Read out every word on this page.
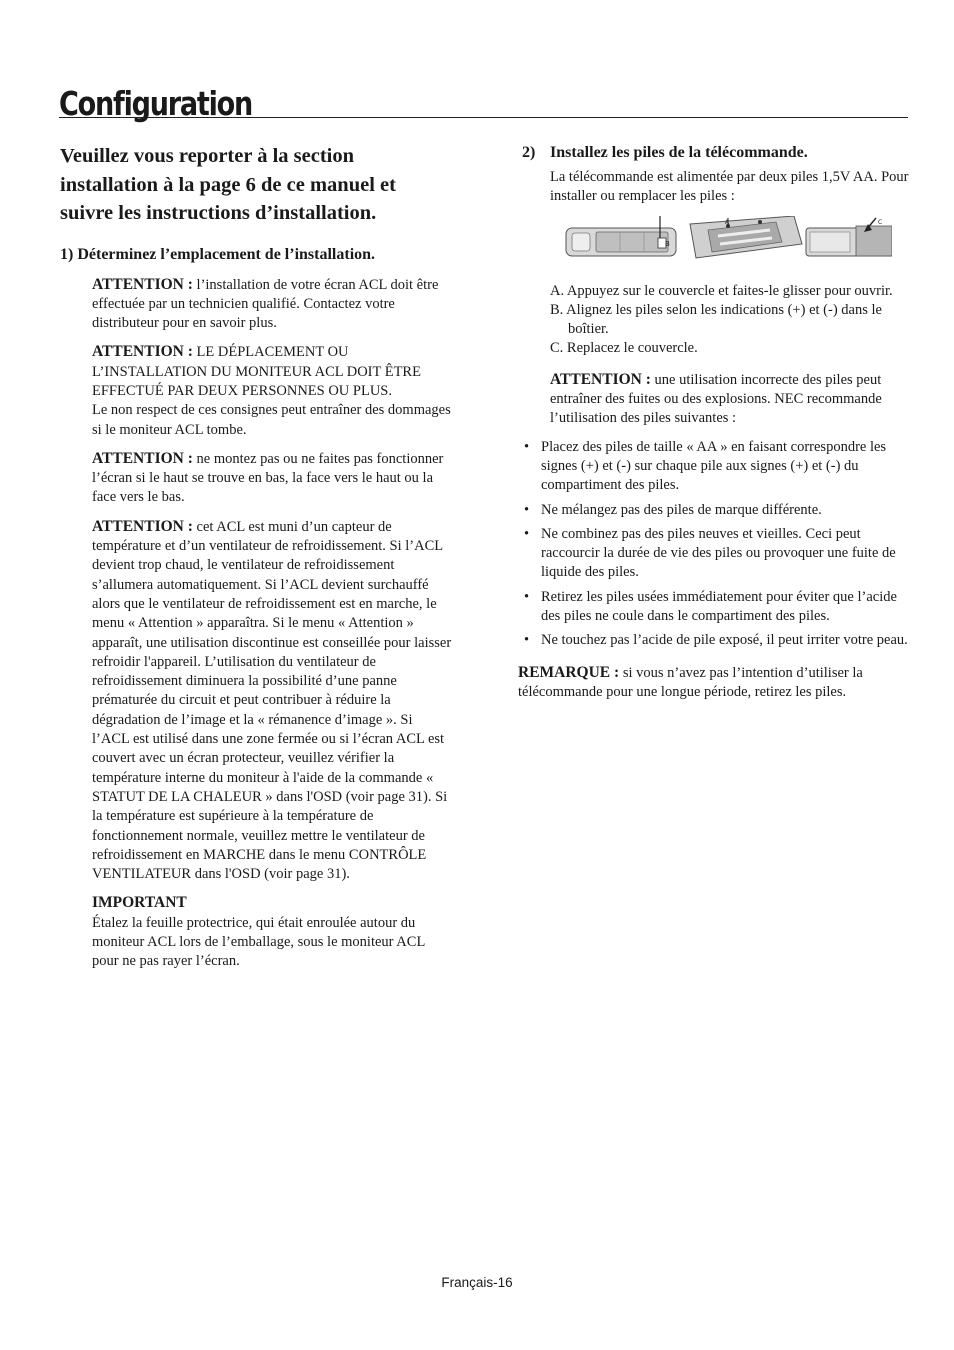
Configuration

Veuillez vous reporter à la section installation à la page 6 de ce manuel et suivre les instructions d’installation.

1) Déterminez l’emplacement de l’installation.

ATTENTION : l’installation de votre écran ACL doit être effectuée par un technicien qualifié. Contactez votre distributeur pour en savoir plus.

ATTENTION : LE DÉPLACEMENT OU L’INSTALLATION DU MONITEUR ACL DOIT ÊTRE EFFECTUÉ PAR DEUX PERSONNES OU PLUS.
Le non respect de ces consignes peut entraîner des dommages si le moniteur ACL tombe.

ATTENTION : ne montez pas ou ne faites pas fonctionner l’écran si le haut se trouve en bas, la face vers le haut ou la face vers le bas.

ATTENTION : cet ACL est muni d’un capteur de température et d’un ventilateur de refroidissement. Si l’ACL devient trop chaud, le ventilateur de refroidissement s’allumera automatiquement. Si l’ACL devient surchauffé alors que le ventilateur de refroidissement est en marche, le menu « Attention » apparaîtra. Si le menu « Attention » apparaît, une utilisation discontinue est conseillée pour laisser refroidir l'appareil. L’utilisation du ventilateur de refroidissement diminuera la possibilité d’une panne prématurée du circuit et peut contribuer à réduire la dégradation de l’image et la « rémanence d’image ». Si l’ACL est utilisé dans une zone fermée ou si l’écran ACL est couvert avec un écran protecteur, veuillez vérifier la température interne du moniteur à l'aide de la commande « STATUT DE LA CHALEUR » dans l'OSD (voir page 31). Si la température est supérieure à la température de fonctionnement normale, veuillez mettre le ventilateur de refroidissement en MARCHE dans le menu CONTRÔLE VENTILATEUR dans l'OSD (voir page 31).

IMPORTANT
Étalez la feuille protectrice, qui était enroulée autour du moniteur ACL lors de l’emballage, sous le moniteur ACL pour ne pas rayer l’écran.

2) Installez les piles de la télécommande.

La télécommande est alimentée par deux piles 1,5V AA. Pour installer ou remplacer les piles :

B
A	C
A. Appuyez sur le couvercle et faites-le glisser pour ouvrir.
B. Alignez les piles selon les indications (+) et (-) dans le boîtier.
C. Replacez le couvercle.

ATTENTION : une utilisation incorrecte des piles peut entraîner des fuites ou des explosions. NEC recommande l’utilisation des piles suivantes :

• Placez des piles de taille « AA » en faisant correspondre les signes (+) et (-) sur chaque pile aux signes (+) et (-) du compartiment des piles.
• Ne mélangez pas des piles de marque différente.
• Ne combinez pas des piles neuves et vieilles. Ceci peut raccourcir la durée de vie des piles ou provoquer une fuite de liquide des piles.
• Retirez les piles usées immédiatement pour éviter que l’acide des piles ne coule dans le compartiment des piles.
• Ne touchez pas l’acide de pile exposé, il peut irriter votre peau.

REMARQUE : si vous n’avez pas l’intention d’utiliser la télécommande pour une longue période, retirez les piles.

Français-16
